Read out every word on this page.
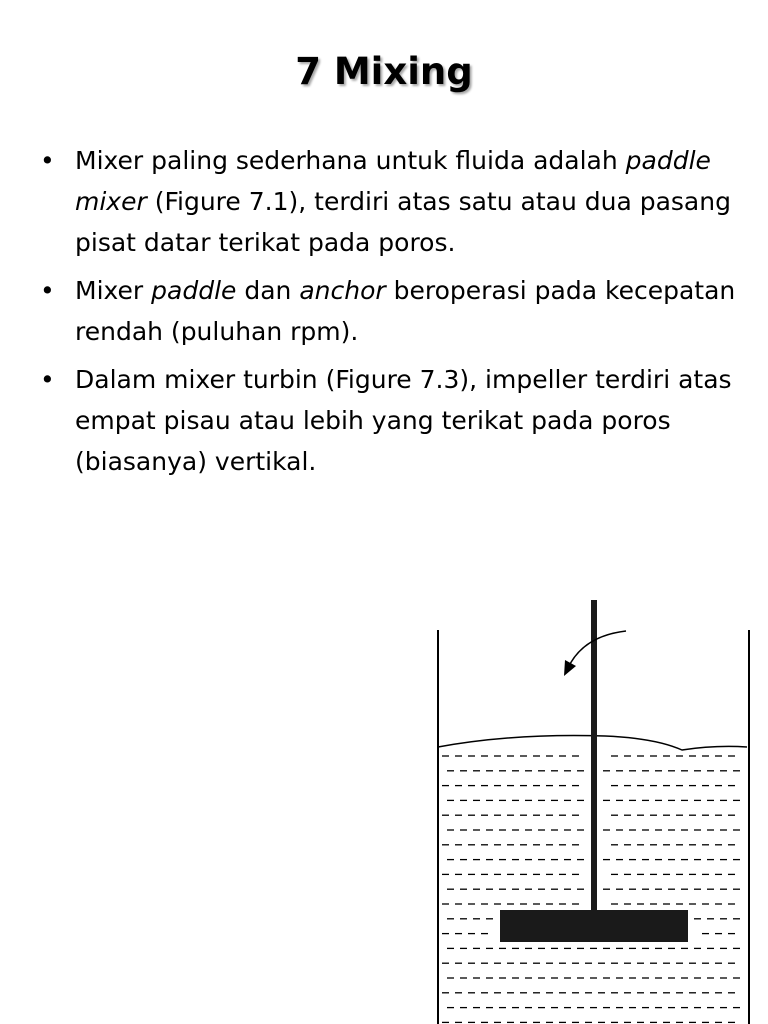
7 Mixing
• Mixer paling sederhana untuk fluida adalah paddle mixer (Figure 7.1), terdiri atas satu atau dua pasang pisat datar terikat pada poros.
• Mixer paddle dan anchor beroperasi pada kecepatan rendah (puluhan rpm).
• Dalam mixer turbin (Figure 7.3), impeller terdiri atas empat pisau atau lebih yang terikat pada poros (biasanya) vertikal.
